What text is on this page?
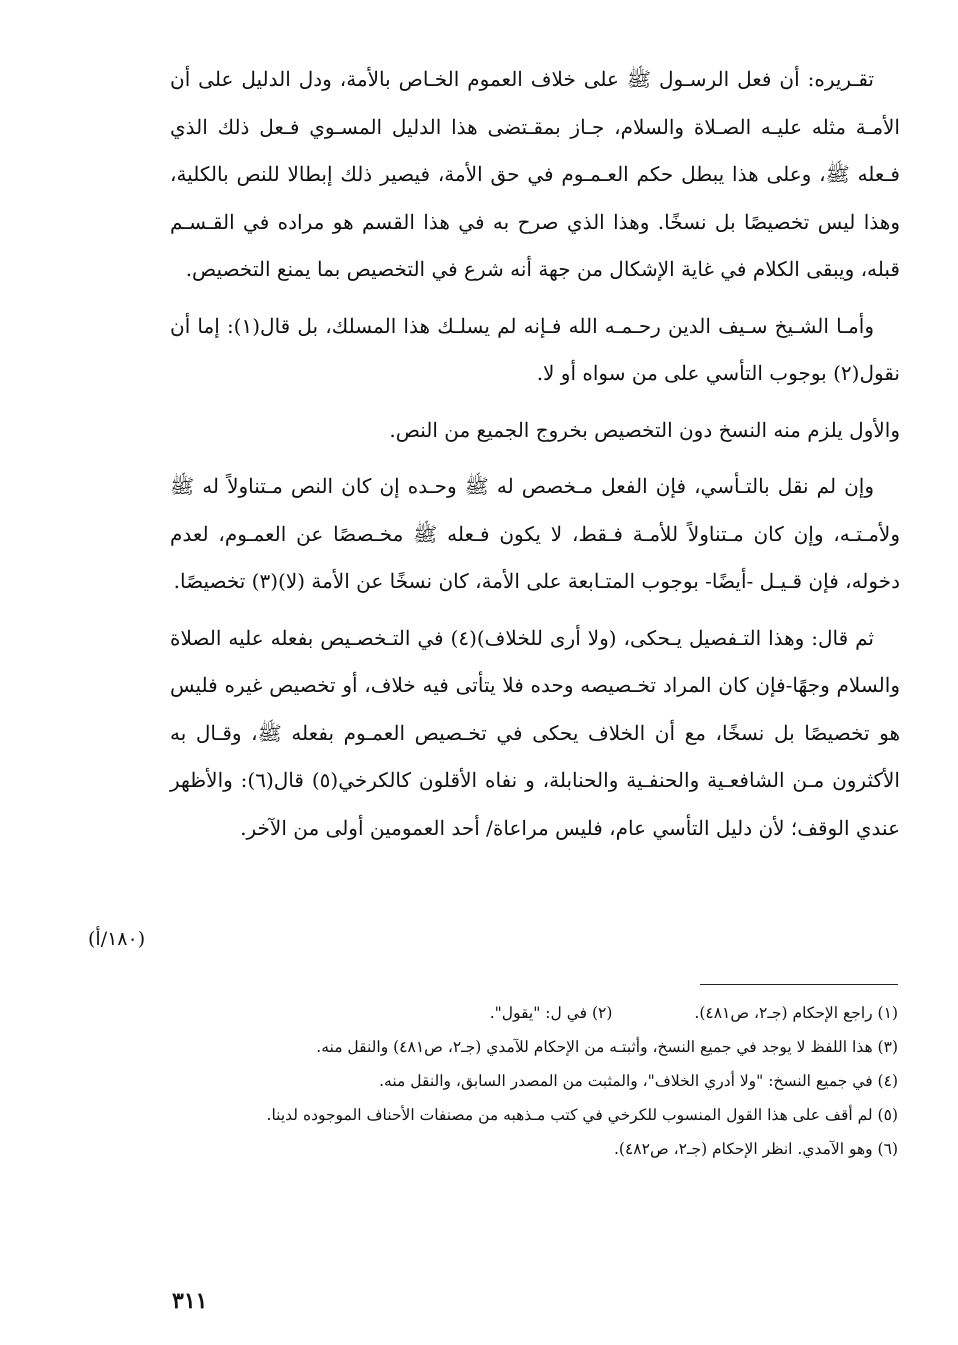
تقـريره: أن فعل الرسـول ﷺ على خلاف العموم الخـاص بالأمة، ودل الدليل على أن الأمـة مثله عليـه الصـلاة والسلام، جـاز بمقـتضى هذا الدليل المسـوي فـعل ذلك الذي فـعله ﷺ، وعلى هذا يبطل حكم العـمـوم في حق الأمة، فيصير ذلك إبطالا للنص بالكلية، وهذا ليس تخصيصًا بل نسخًا. وهذا الذي صرح به في هذا القسم هو مراده في القـسـم قبله، ويبقى الكلام في غاية الإشكال من جهة أنه شرع في التخصيص بما يمنع التخصيص.

وأمـا الشـيخ سـيف الدين رحـمـه الله فـإنه لم يسلـك هذا المسلك، بل قال(١): إما أن نقول(٢) بوجوب التأسي على من سواه أو لا.

والأول يلزم منه النسخ دون التخصيص بخروج الجميع من النص.

وإن لم نقل بالتـأسي، فإن الفعل مـخصص له ﷺ وحـده إن كان النص مـتناولاً له ﷺ ولأمـتـه، وإن كان مـتناولاً للأمـة فـقط، لا يكون فـعله ﷺ مخـصصًا عن العمـوم، لعدم دخوله، فإن قـيـل -أيضًا- بوجوب المتـابعة على الأمة، كان نسخًا عن الأمة (لا)(٣) تخصيصًا.

ثم قال: وهذا التـفصيل يـحكى، (ولا أرى للخلاف)(٤) في التـخصـيص بفعله عليه الصلاة والسلام وجهًا-فإن كان المراد تخـصيصه وحده فلا يتأتى فيه خلاف، أو تخصيص غيره فليس هو تخصيصًا بل نسخًا، مع أن الخلاف يحكى في تخـصيص العمـوم بفعله ﷺ، وقـال به الأكثرون مـن الشافعـية والحنفـية والحنابلة، و نفاه الأقلون كالكرخي(٥) قال(٦): والأظهر عندي الوقف؛ لأن دليل التأسي عام، فليس مراعاة/ أحد العمومين أولى من الآخر.

(١٨٠/أ)
(١) راجع الإحكام (جـ٢، ص٤٨١).
(٢) في ل: "يقول".
(٣) هذا اللفظ لا يوجد في جميع النسخ، وأثبتـه من الإحكام للآمدي (جـ٢، ص٤٨١) والنقل منه.
(٤) في جميع النسخ: "ولا أدري الخلاف"، والمثبت من المصدر السابق، والنقل منه.
(٥) لم أقف على هذا القول المنسوب للكرخي في كتب مـذهبه من مصنفات الأحناف الموجوده لدينا.
(٦) وهو الآمدي. انظر الإحكام (جـ٢، ص٤٨٢).
٣١١
